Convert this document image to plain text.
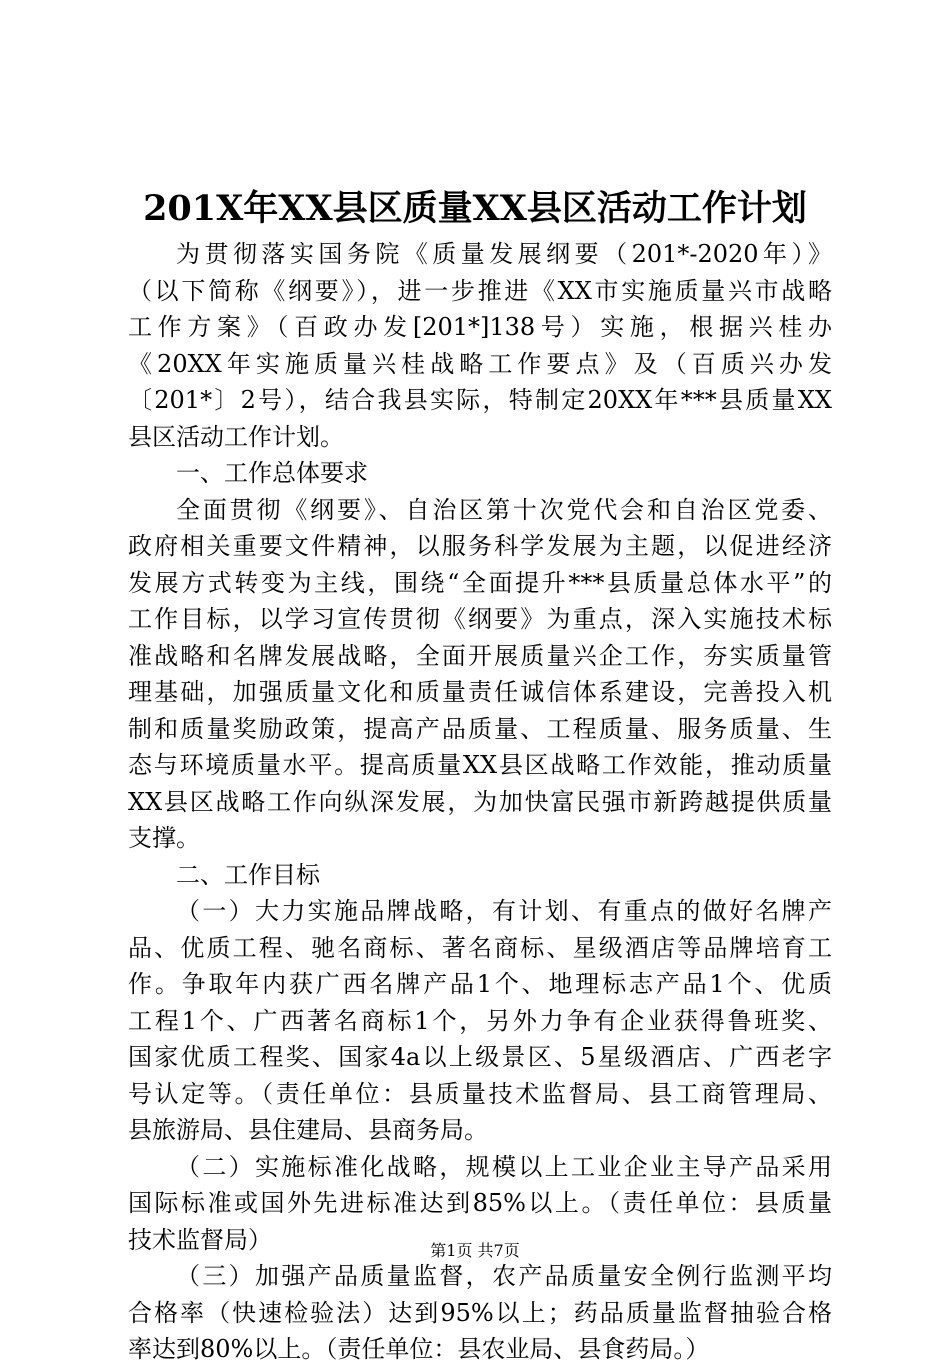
201X年XX县区质量XX县区活动工作计划
为贯彻落实国务院《质量发展纲要（201*-2020年）》
（以下简称《纲要》），进一步推进《XX市实施质量兴市战略
工作方案》（百政办发[201*]138号）实施，根据兴桂办
《20XX年实施质量兴桂战略工作要点》及（百质兴办发
〔201*〕2号），结合我县实际，特制定20XX年***县质量XX
县区活动工作计划。
一、工作总体要求
全面贯彻《纲要》、自治区第十次党代会和自治区党委、
政府相关重要文件精神，以服务科学发展为主题，以促进经济
发展方式转变为主线，围绕“全面提升***县质量总体水平”的
工作目标，以学习宣传贯彻《纲要》为重点，深入实施技术标
准战略和名牌发展战略，全面开展质量兴企工作，夯实质量管
理基础，加强质量文化和质量责任诚信体系建设，完善投入机
制和质量奖励政策，提高产品质量、工程质量、服务质量、生
态与环境质量水平。提高质量XX县区战略工作效能，推动质量
XX县区战略工作向纵深发展，为加快富民强市新跨越提供质量
支撑。
二、工作目标
（一）大力实施品牌战略，有计划、有重点的做好名牌产
品、优质工程、驰名商标、著名商标、星级酒店等品牌培育工
作。争取年内获广西名牌产品1个、地理标志产品1个、优质
工程1个、广西著名商标1个，另外力争有企业获得鲁班奖、
国家优质工程奖、国家4a以上级景区、5星级酒店、广西老字
号认定等。（责任单位：县质量技术监督局、县工商管理局、
县旅游局、县住建局、县商务局。
（二）实施标准化战略，规模以上工业企业主导产品采用
国际标准或国外先进标准达到85%以上。（责任单位：县质量
技术监督局）
（三）加强产品质量监督，农产品质量安全例行监测平均
合格率（快速检验法）达到95%以上；药品质量监督抽验合格
率达到80%以上。（责任单位：县农业局、县食药局。）
第1页 共7页
